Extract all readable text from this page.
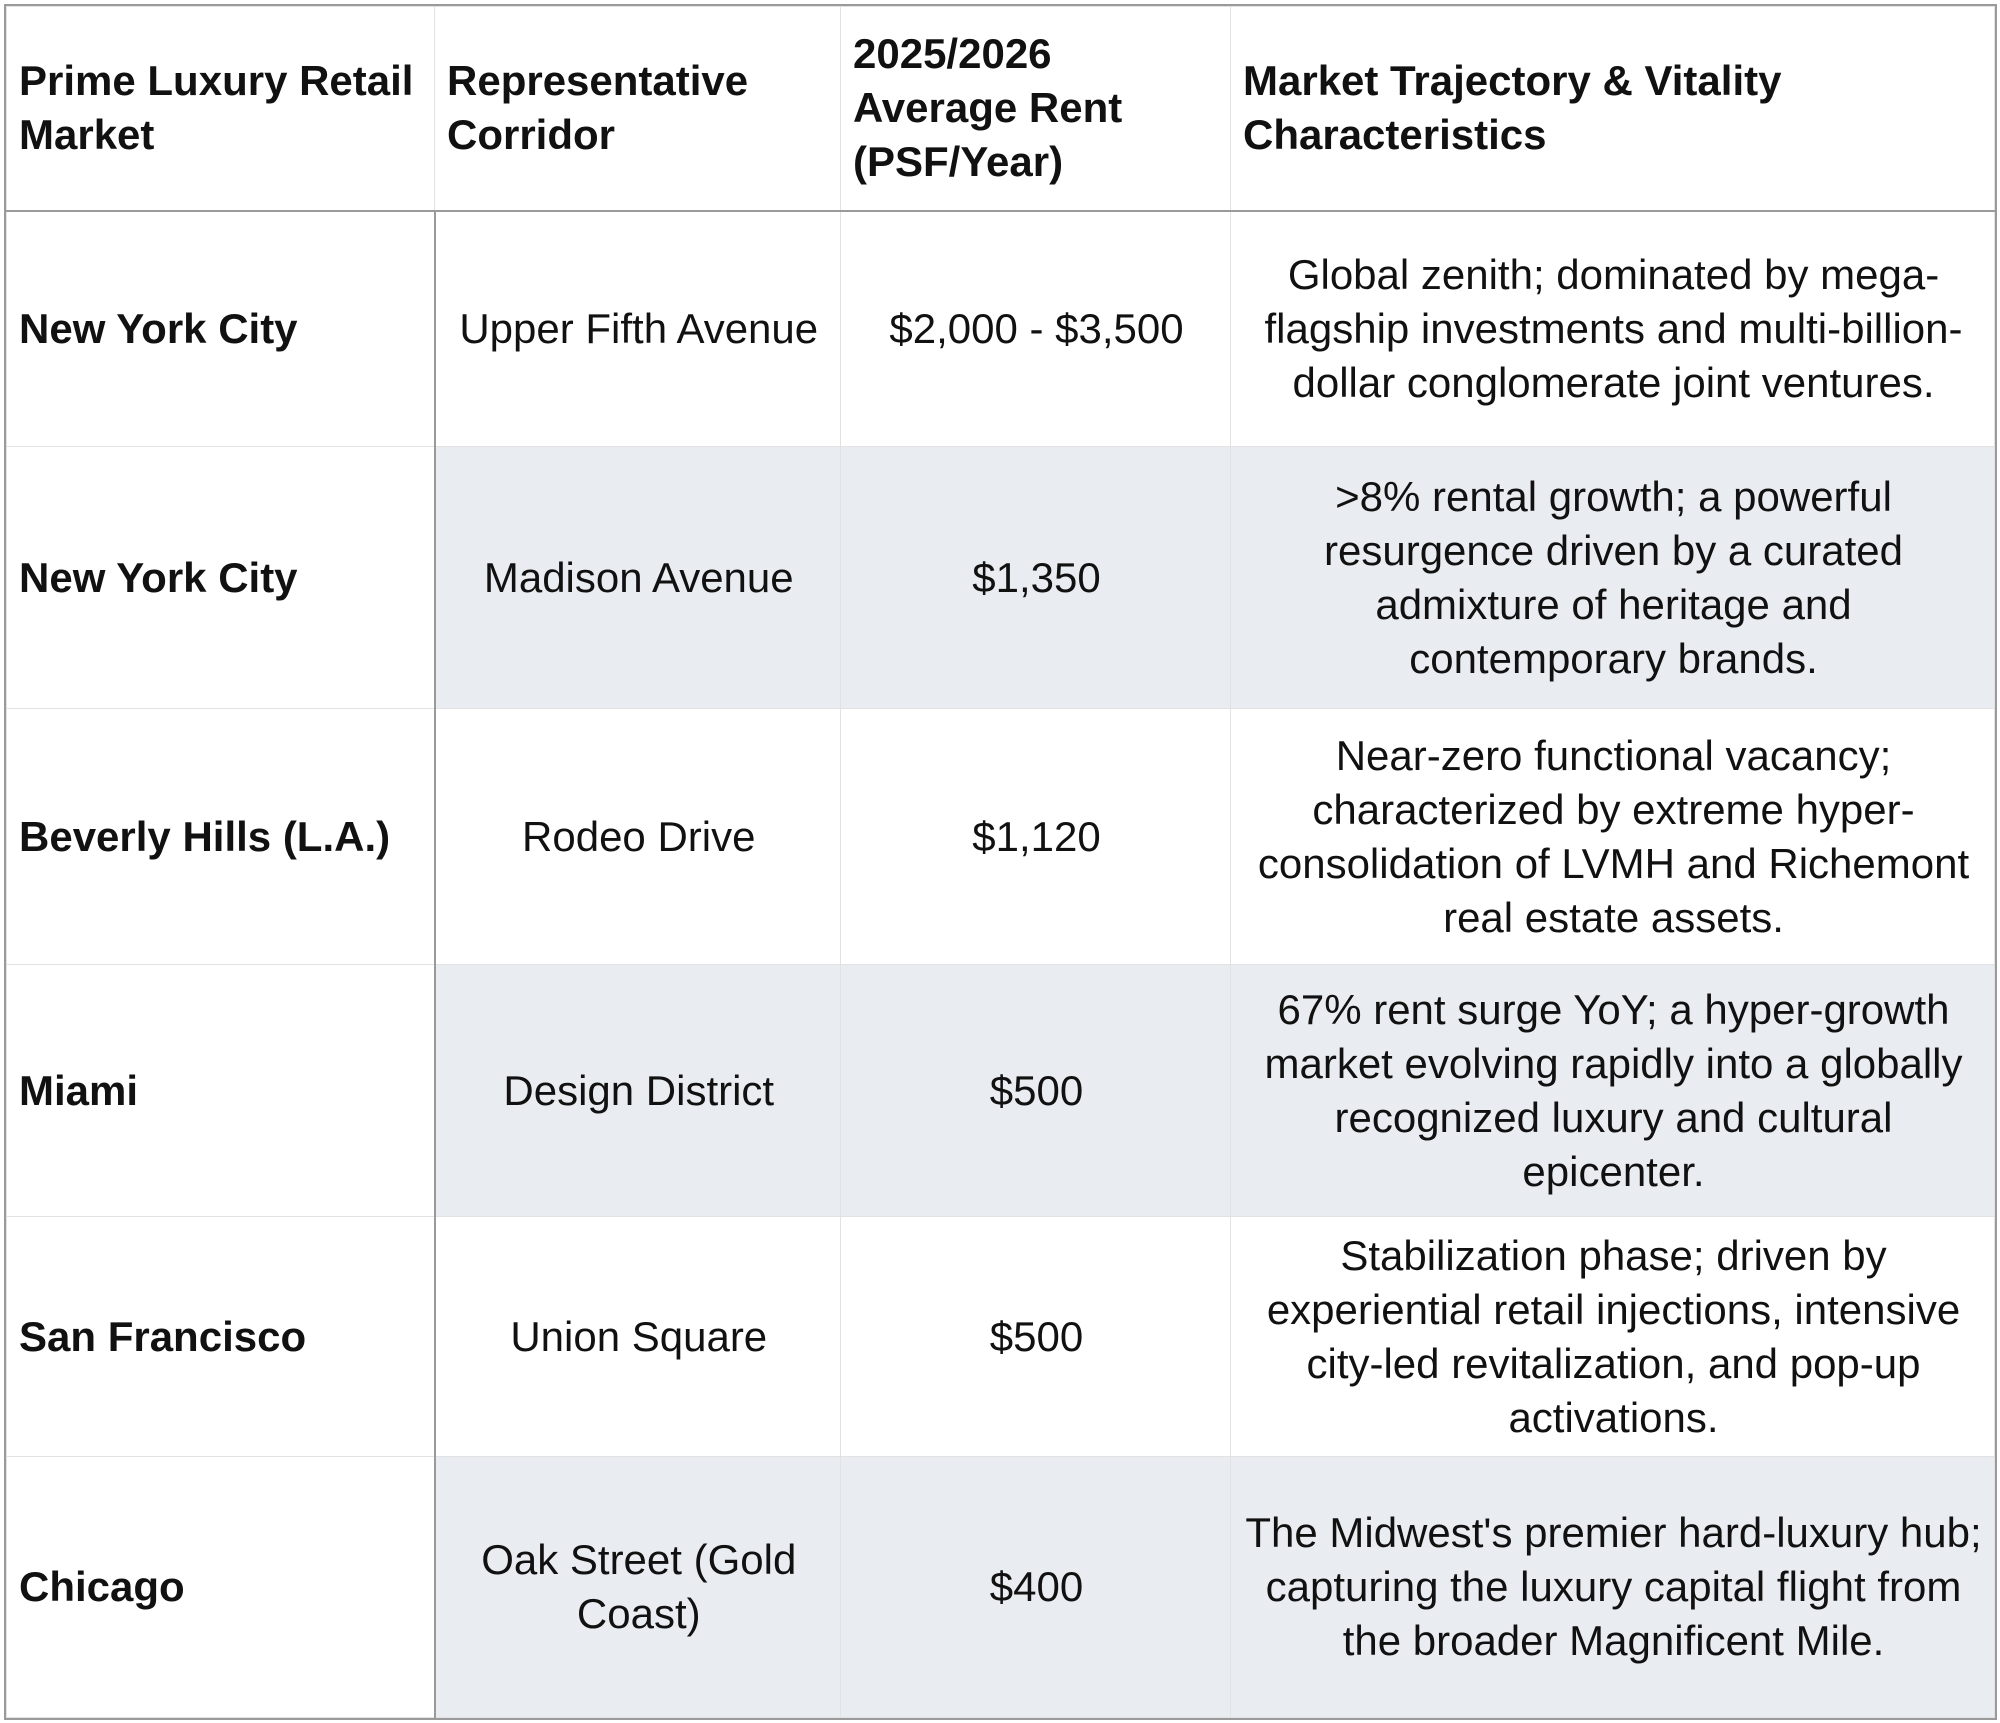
Prime Luxury Retail Market	Representative Corridor	2025/2026 Average Rent (PSF/Year)	Market Trajectory & Vitality Characteristics
New York City	Upper Fifth Avenue	$2,000 - $3,500	Global zenith; dominated by mega-flagship investments and multi-billion-dollar conglomerate joint ventures.
New York City	Madison Avenue	$1,350	>8% rental growth; a powerful resurgence driven by a curated admixture of heritage and contemporary brands.
Beverly Hills (L.A.)	Rodeo Drive	$1,120	Near-zero functional vacancy; characterized by extreme hyper-consolidation of LVMH and Richemont real estate assets.
Miami	Design District	$500	67% rent surge YoY; a hyper-growth market evolving rapidly into a globally recognized luxury and cultural epicenter.
San Francisco	Union Square	$500	Stabilization phase; driven by experiential retail injections, intensive city-led revitalization, and pop-up activations.
Chicago	Oak Street (Gold Coast)	$400	The Midwest's premier hard-luxury hub; capturing the luxury capital flight from the broader Magnificent Mile.
